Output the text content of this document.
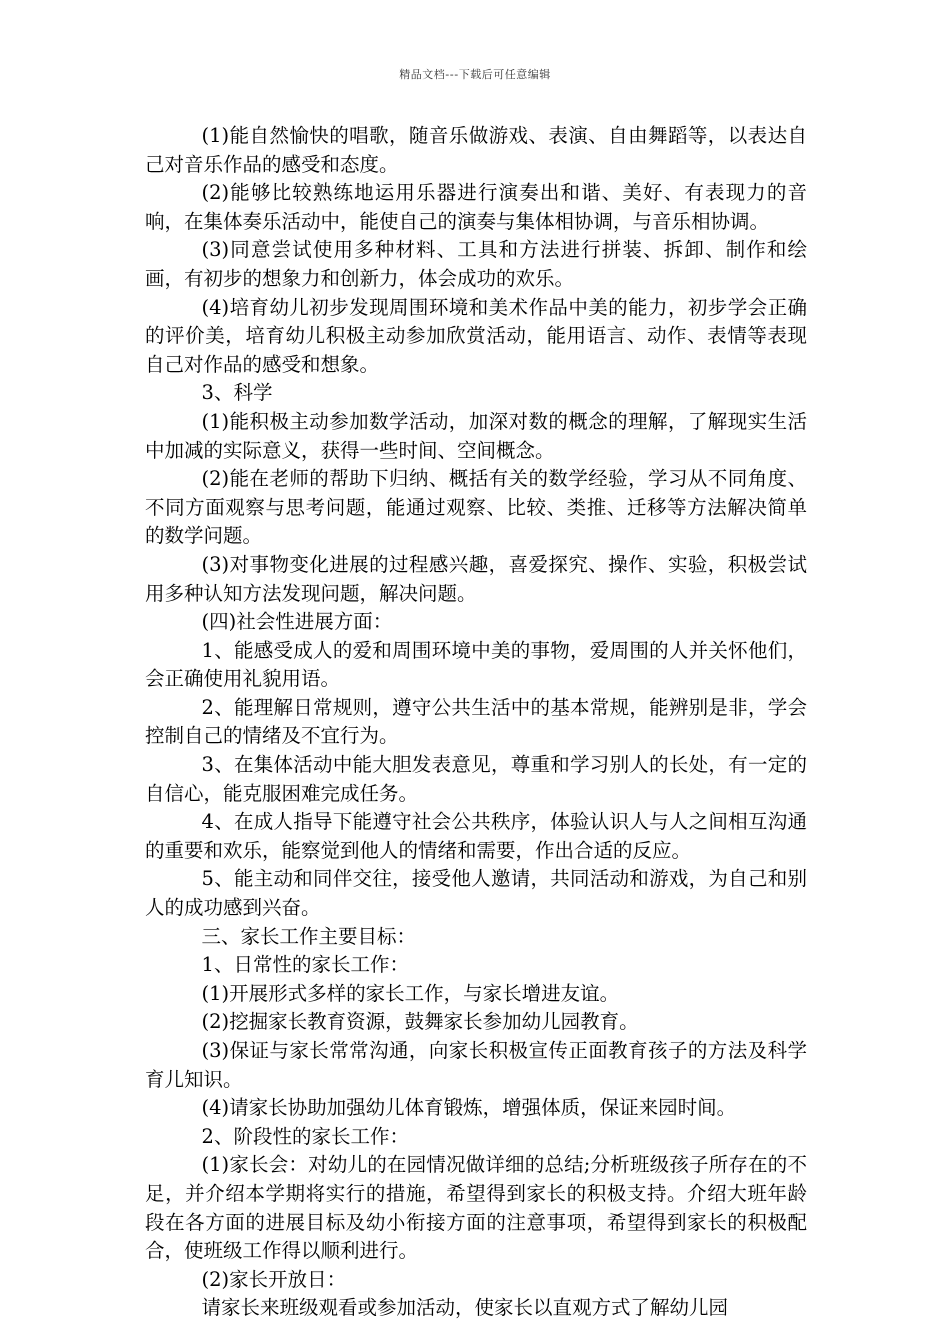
精品文档---下载后可任意编辑

(1)能自然愉快的唱歌，随音乐做游戏、表演、自由舞蹈等，以表达自己对音乐作品的感受和态度。

(2)能够比较熟练地运用乐器进行演奏出和谐、美好、有表现力的音响，在集体奏乐活动中，能使自己的演奏与集体相协调，与音乐相协调。

(3)同意尝试使用多种材料、工具和方法进行拼装、拆卸、制作和绘画，有初步的想象力和创新力，体会成功的欢乐。

(4)培育幼儿初步发现周围环境和美术作品中美的能力，初步学会正确的评价美，培育幼儿积极主动参加欣赏活动，能用语言、动作、表情等表现自己对作品的感受和想象。

3、科学

(1)能积极主动参加数学活动，加深对数的概念的理解，了解现实生活中加减的实际意义，获得一些时间、空间概念。

(2)能在老师的帮助下归纳、概括有关的数学经验，学习从不同角度、不同方面观察与思考问题，能通过观察、比较、类推、迁移等方法解决简单的数学问题。

(3)对事物变化进展的过程感兴趣，喜爱探究、操作、实验，积极尝试用多种认知方法发现问题，解决问题。

(四)社会性进展方面：

1、能感受成人的爱和周围环境中美的事物，爱周围的人并关怀他们，会正确使用礼貌用语。

2、能理解日常规则，遵守公共生活中的基本常规，能辨别是非，学会控制自己的情绪及不宜行为。

3、在集体活动中能大胆发表意见，尊重和学习别人的长处，有一定的自信心，能克服困难完成任务。

4、在成人指导下能遵守社会公共秩序，体验认识人与人之间相互沟通的重要和欢乐，能察觉到他人的情绪和需要，作出合适的反应。

5、能主动和同伴交往，接受他人邀请，共同活动和游戏，为自己和别人的成功感到兴奋。

三、家长工作主要目标：

1、日常性的家长工作：

(1)开展形式多样的家长工作，与家长增进友谊。

(2)挖掘家长教育资源，鼓舞家长参加幼儿园教育。

(3)保证与家长常常沟通，向家长积极宣传正面教育孩子的方法及科学育儿知识。

(4)请家长协助加强幼儿体育锻炼，增强体质，保证来园时间。

2、阶段性的家长工作：

(1)家长会：对幼儿的在园情况做详细的总结;分析班级孩子所存在的不足，并介绍本学期将实行的措施，希望得到家长的积极支持。介绍大班年龄段在各方面的进展目标及幼小衔接方面的注意事项，希望得到家长的积极配合，使班级工作得以顺利进行。

(2)家长开放日：

请家长来班级观看或参加活动，使家长以直观方式了解幼儿园
